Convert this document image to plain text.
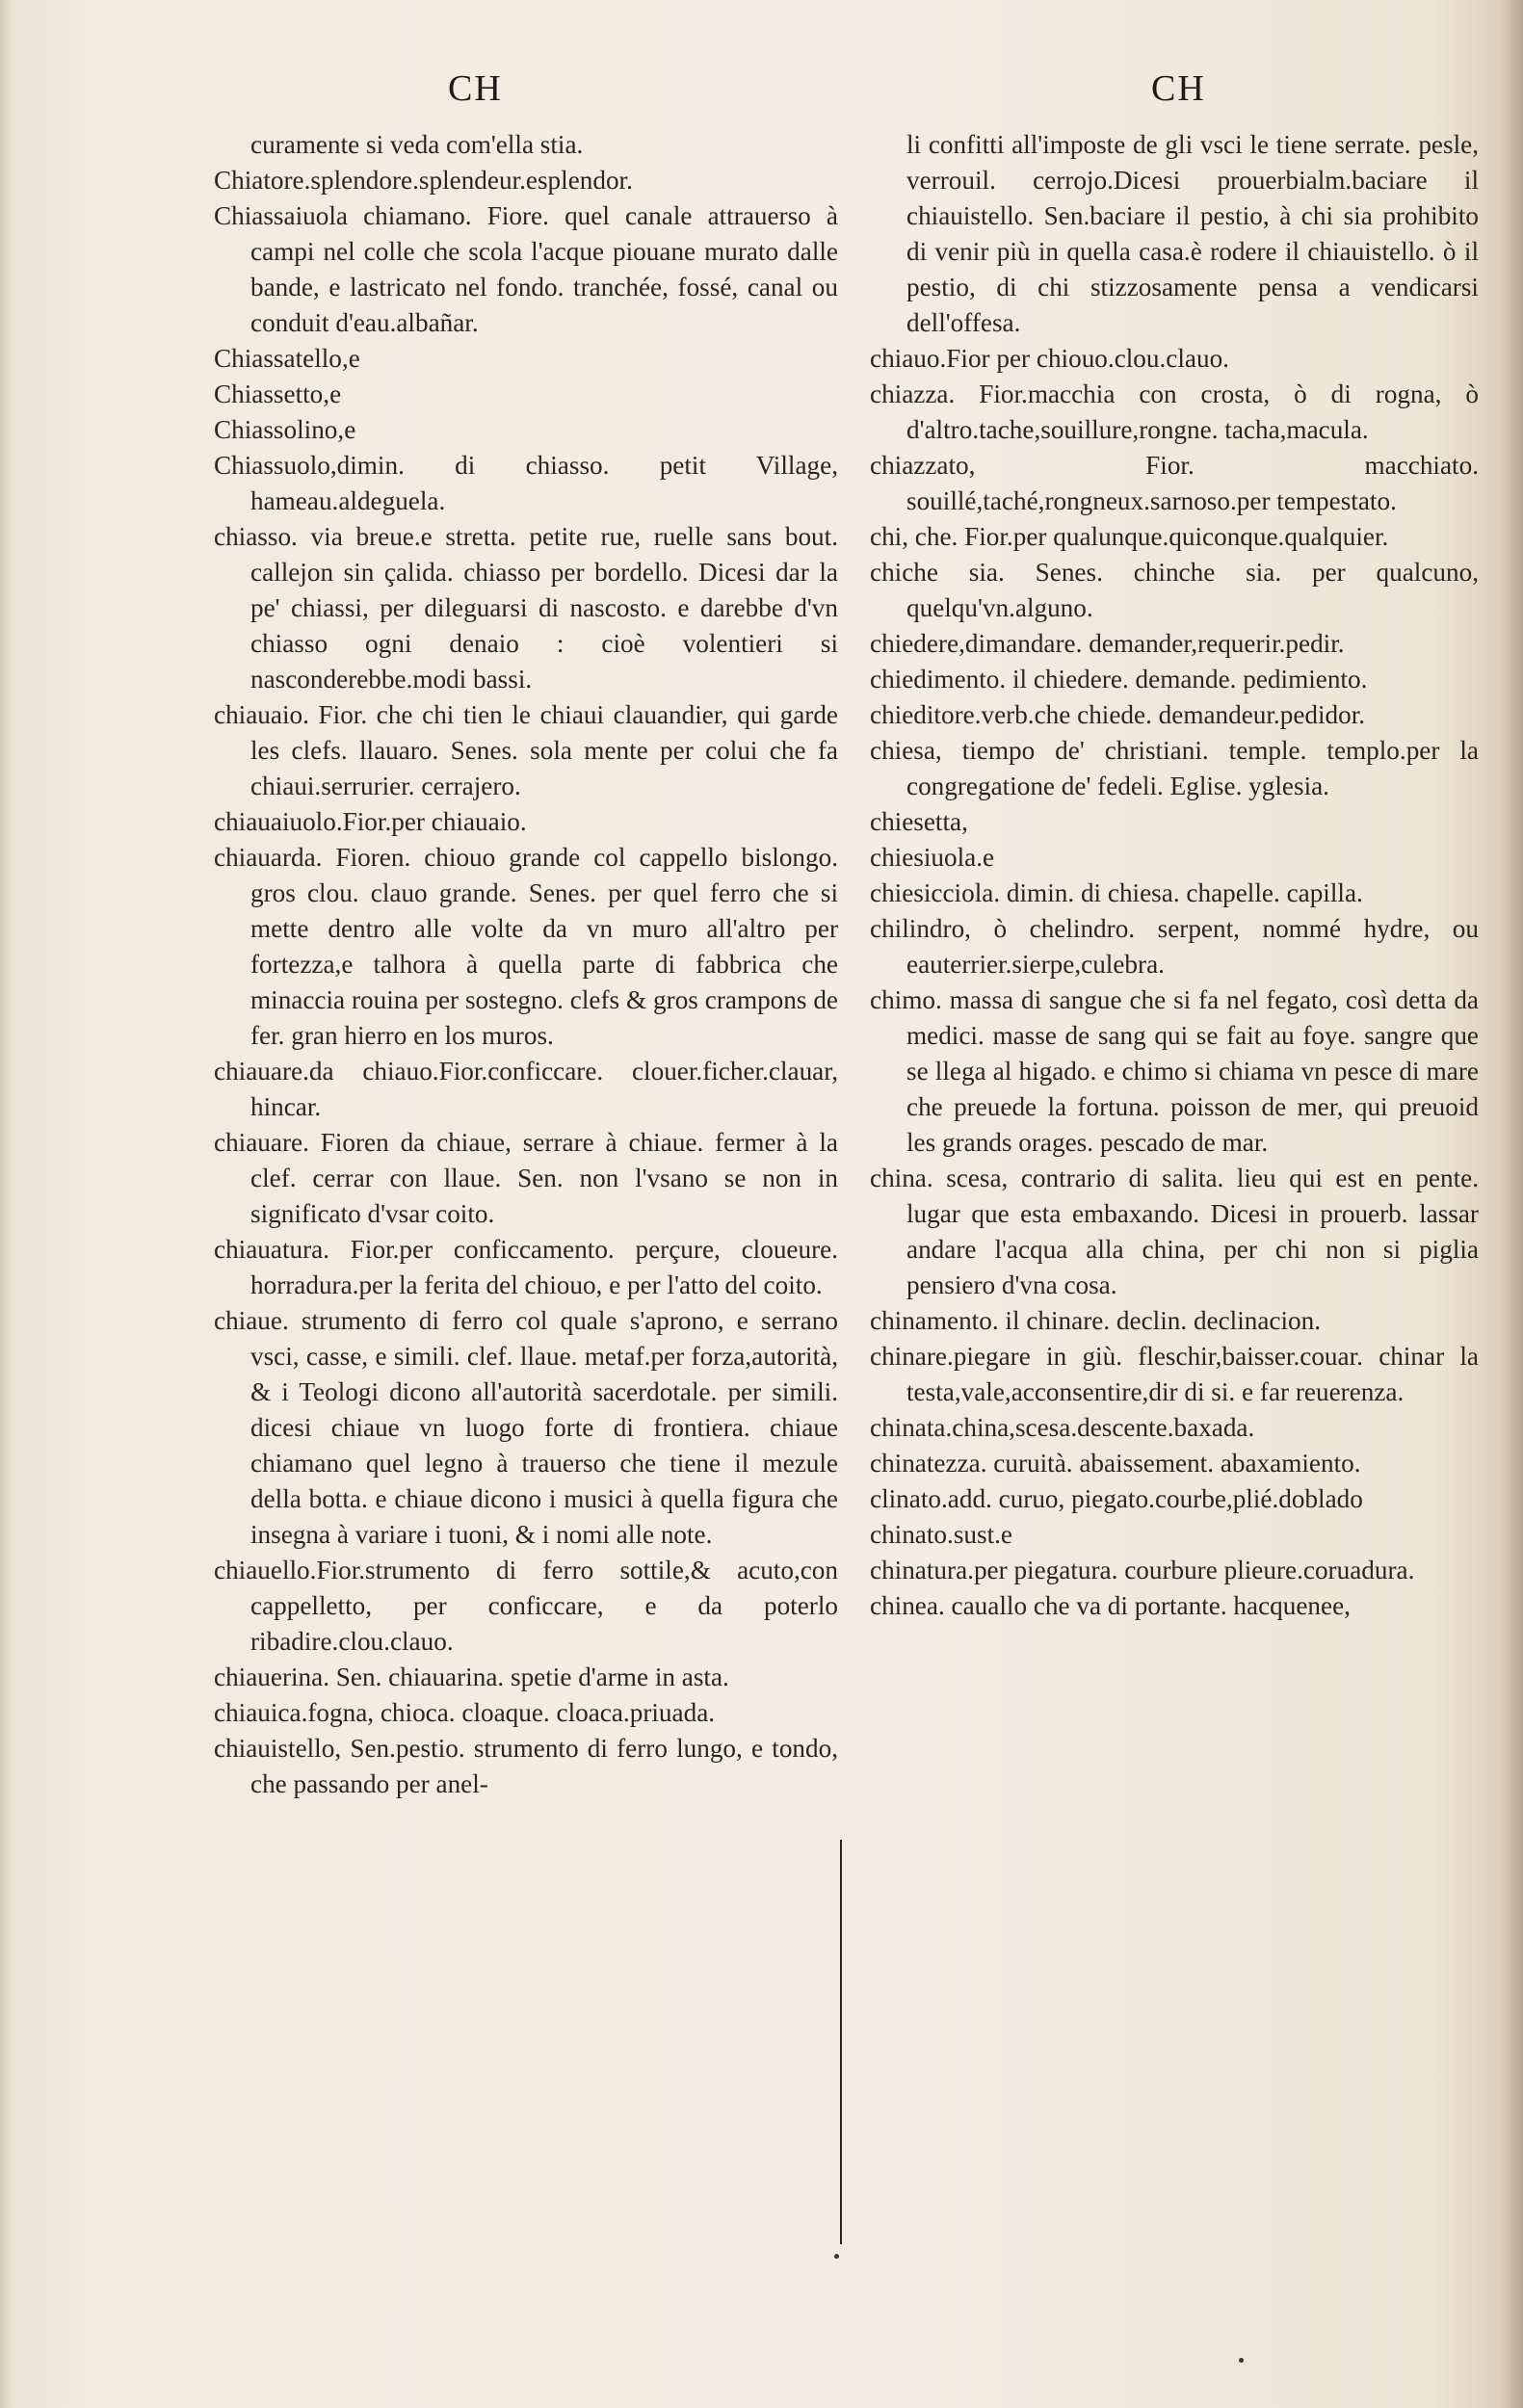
CH	CH

curamente si veda com'ella stia.

Chiatore.splendore.splendeur.esplendor.

Chiassaiuola chiamano. Fiore. quel canale attrauerso à campi nel colle che scola l'acque piouane murato dalle bande, e lastricato nel fondo. tranchée, fossé, canal ou conduit d'eau.albañar.

Chiassatello,e

Chiassetto,e

Chiassolino,e

Chiassuolo,dimin. di chiasso. petit Village, hameau.aldeguela.

chiasso. via breue.e stretta. petite rue, ruelle sans bout. callejon sin çalida. chiasso per bordello. Dicesi dar la pe' chiassi, per dileguarsi di nascosto. e darebbe d'vn chiasso ogni denaio : cioè volentieri si nasconderebbe.modi bassi.

chiauaio. Fior. che chi tien le chiaui clauandier, qui garde les clefs. llauaro. Senes. sola mente per colui che fa chiaui.serrurier. cerrajero.

chiauaiuolo.Fior.per chiauaio.

chiauarda. Fioren. chiouo grande col cappello bislongo. gros clou. clauo grande. Senes. per quel ferro che si mette dentro alle volte da vn muro all'altro per fortezza,e talhora à quella parte di fabbrica che minaccia rouina per sostegno. clefs & gros crampons de fer. gran hierro en los muros.

chiauare.da chiauo.Fior.conficcare. clouer.ficher.clauar, hincar.

chiauare. Fioren da chiaue, serrare à chiaue. fermer à la clef. cerrar con llaue. Sen. non l'vsano se non in significato d'vsar coito.

chiauatura. Fior.per conficcamento. perçure, cloueure. horradura.per la ferita del chiouo, e per l'atto del coito.

chiaue. strumento di ferro col quale s'aprono, e serrano vsci, casse, e simili. clef. llaue. metaf.per forza,autorità, & i Teologi dicono all'autorità sacerdotale. per simili. dicesi chiaue vn luogo forte di frontiera. chiaue chiamano quel legno à trauerso che tiene il mezule della botta. e chiaue dicono i musici à quella figura che insegna à variare i tuoni, & i nomi alle note.

chiauello.Fior.strumento di ferro sottile,& acuto,con cappelletto, per conficcare, e da poterlo ribadire.clou.clauo.

chiauerina. Sen. chiauarina. spetie d'arme in asta.

chiauica.fogna, chioca. cloaque. cloaca.priuada.

chiauistello, Sen.pestio. strumento di ferro lungo, e tondo, che passando per anel-

li confitti all'imposte de gli vsci le tiene serrate. pesle, verrouil. cerrojo.Dicesi prouerbialm.baciare il chiauistello. Sen.baciare il pestio, à chi sia prohibito di venir più in quella casa.è rodere il chiauistello. ò il pestio, di chi stizzosamente pensa a vendicarsi dell'offesa.

chiauo.Fior per chiouo.clou.clauo.

chiazza. Fior.macchia con crosta, ò di rogna, ò d'altro.tache,souillure,rongne. tacha,macula.

chiazzato, Fior. macchiato. souillé,taché,rongneux.sarnoso.per tempestato.

chi, che. Fior.per qualunque.quiconque.qualquier.

chiche sia. Senes. chinche sia. per qualcuno, quelqu'vn.alguno.

chiedere,dimandare. demander,requerir.pedir.

chiedimento. il chiedere. demande. pedimiento.

chieditore.verb.che chiede. demandeur.pedidor.

chiesa, tiempo de' christiani. temple. templo.per la congregatione de' fedeli. Eglise. yglesia.

chiesetta,

chiesiuola.e

chiesicciola. dimin. di chiesa. chapelle. capilla.

chilindro, ò chelindro. serpent, nommé hydre, ou eauterrier.sierpe,culebra.

chimo. massa di sangue che si fa nel fegato, così detta da medici. masse de sang qui se fait au foye. sangre que se llega al higado. e chimo si chiama vn pesce di mare che preuede la fortuna. poisson de mer, qui preuoid les grands orages. pescado de mar.

china. scesa, contrario di salita. lieu qui est en pente. lugar que esta embaxando. Dicesi in prouerb. lassar andare l'acqua alla china, per chi non si piglia pensiero d'vna cosa.

chinamento. il chinare. declin. declinacion.

chinare.piegare in giù. fleschir,baisser.couar. chinar la testa,vale,acconsentire,dir di si. e far reuerenza.

chinata.china,scesa.descente.baxada.

chinatezza. curuità. abaissement. abaxamiento.

clinato.add. curuo, piegato.courbe,plié.doblado

chinato.sust.e

chinatura.per piegatura. courbure plieure.coruadura.

chinea. cauallo che va di portante. hacquenee,
